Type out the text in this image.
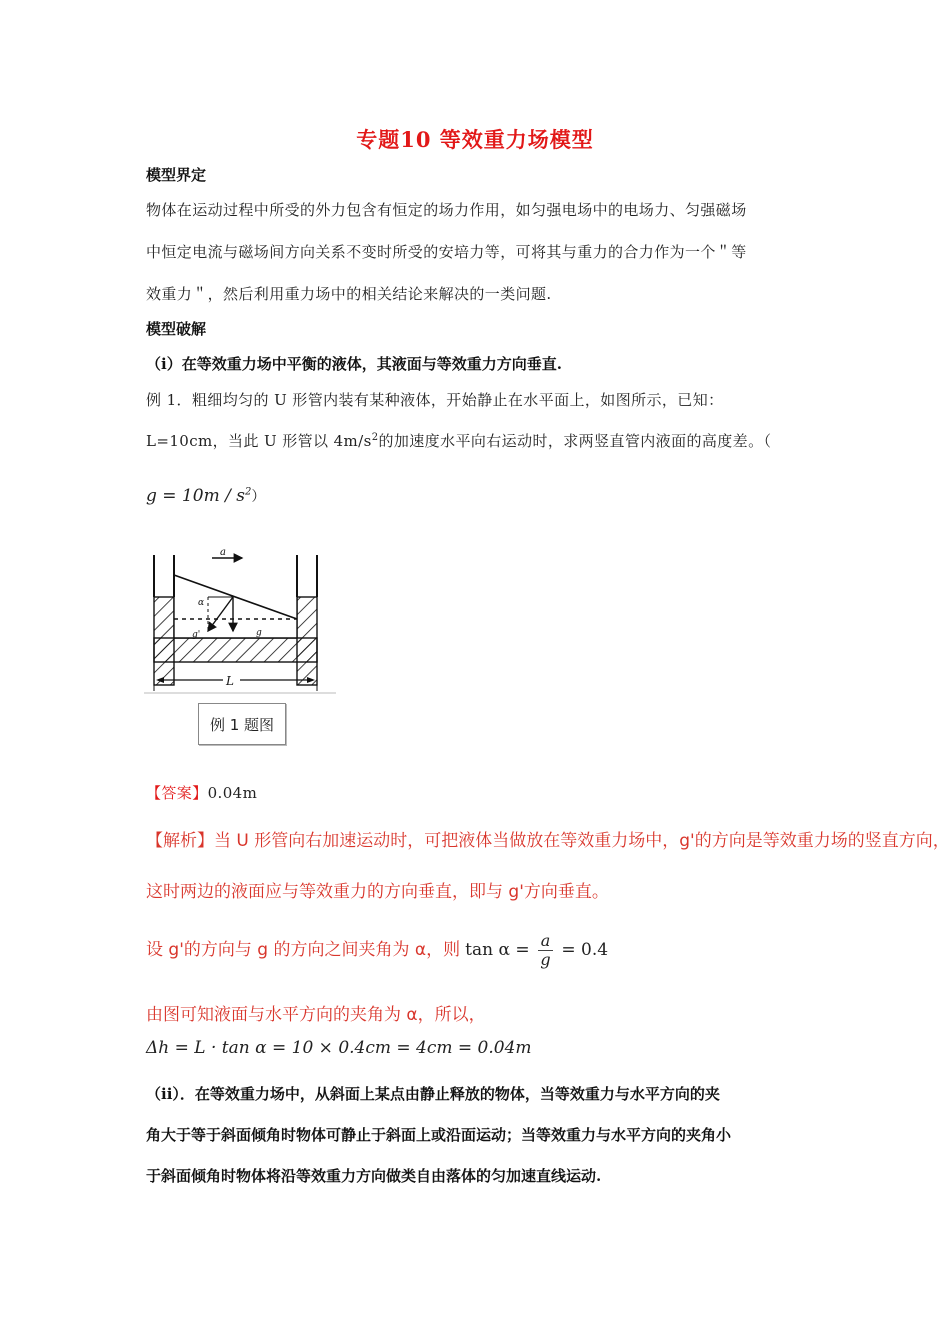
专题10 等效重力场模型
模型界定
物体在运动过程中所受的外力包含有恒定的场力作用，如匀强电场中的电场力、匀强磁场
中恒定电流与磁场间方向关系不变时所受的安培力等，可将其与重力的合力作为一个＂等
效重力＂，然后利用重力场中的相关结论来解决的一类问题.
模型破解
（i）在等效重力场中平衡的液体，其液面与等效重力方向垂直.
例 1．粗细均匀的 U 形管内装有某种液体，开始静止在水平面上，如图所示，已知：
L=10cm，当此 U 形管以 $4m/s^2$的加速度水平向右运动时，求两竖直管内液面的高度差。（
$g = 10m / s^2$）
a
α
g'	g
L
例 1 题图
【答案】0.04m
【解析】当 U 形管向右加速运动时，可把液体当做放在等效重力场中，g'的方向是等效重力场的竖直方向，
这时两边的液面应与等效重力的方向垂直，即与 g'方向垂直。
设 g'的方向与 g 的方向之间夹角为 α，则 $\tan \alpha = \frac{a}{g} = 0.4$
由图可知液面与水平方向的夹角为 α，所以，
Δh = L · tan α = 10 × 0.4cm = 4cm = 0.04m
（ii）．在等效重力场中，从斜面上某点由静止释放的物体，当等效重力与水平方向的夹
角大于等于斜面倾角时物体可静止于斜面上或沿面运动；当等效重力与水平方向的夹角小
于斜面倾角时物体将沿等效重力方向做类自由落体的匀加速直线运动.
